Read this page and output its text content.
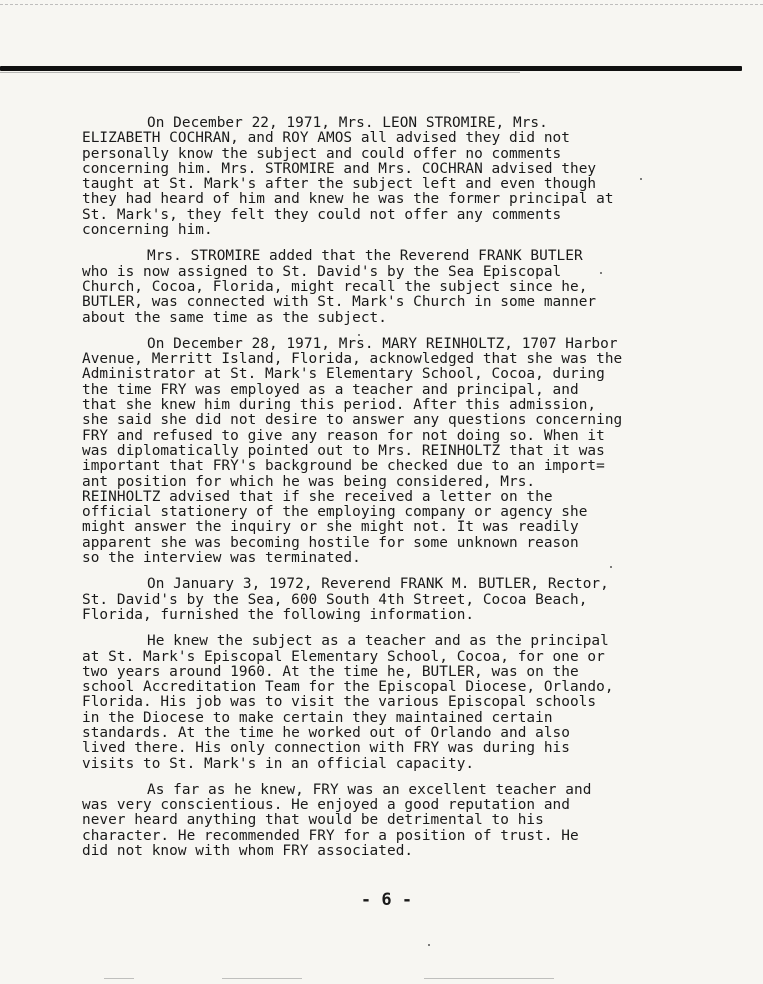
On December 22, 1971, Mrs. LEON STROMIRE, Mrs.
ELIZABETH COCHRAN, and ROY AMOS all advised they did not
personally know the subject and could offer no comments
concerning him. Mrs. STROMIRE and Mrs. COCHRAN advised they
taught at St. Mark's after the subject left and even though
they had heard of him and knew he was the former principal at
St. Mark's, they felt they could not offer any comments
concerning him.

Mrs. STROMIRE added that the Reverend FRANK BUTLER
who is now assigned to St. David's by the Sea Episcopal
Church, Cocoa, Florida, might recall the subject since he,
BUTLER, was connected with St. Mark's Church in some manner
about the same time as the subject.

On December 28, 1971, Mrs. MARY REINHOLTZ, 1707 Harbor
Avenue, Merritt Island, Florida, acknowledged that she was the
Administrator at St. Mark's Elementary School, Cocoa, during
the time FRY was employed as a teacher and principal, and
that she knew him during this period. After this admission,
she said she did not desire to answer any questions concerning
FRY and refused to give any reason for not doing so. When it
was diplomatically pointed out to Mrs. REINHOLTZ that it was
important that FRY's background be checked due to an import=
ant position for which he was being considered, Mrs.
REINHOLTZ advised that if she received a letter on the
official stationery of the employing company or agency she
might answer the inquiry or she might not. It was readily
apparent she was becoming hostile for some unknown reason
so the interview was terminated.

On January 3, 1972, Reverend FRANK M. BUTLER, Rector,
St. David's by the Sea, 600 South 4th Street, Cocoa Beach,
Florida, furnished the following information.

He knew the subject as a teacher and as the principal
at St. Mark's Episcopal Elementary School, Cocoa, for one or
two years around 1960. At the time he, BUTLER, was on the
school Accreditation Team for the Episcopal Diocese, Orlando,
Florida. His job was to visit the various Episcopal schools
in the Diocese to make certain they maintained certain
standards. At the time he worked out of Orlando and also
lived there. His only connection with FRY was during his
visits to St. Mark's in an official capacity.

As far as he knew, FRY was an excellent teacher and
was very conscientious. He enjoyed a good reputation and
never heard anything that would be detrimental to his
character. He recommended FRY for a position of trust. He
did not know with whom FRY associated.

- 6 -
